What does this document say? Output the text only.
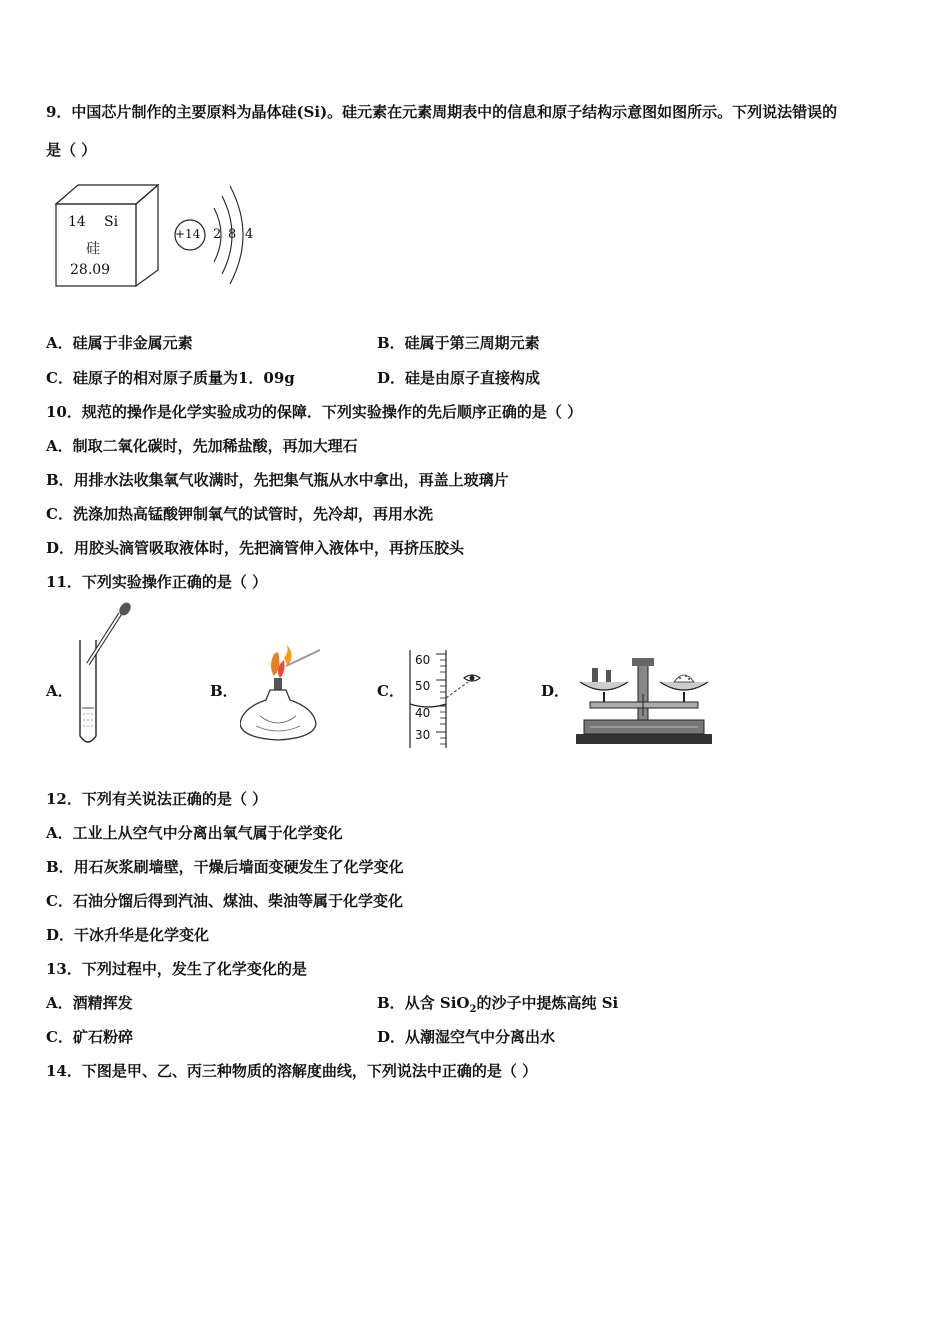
9．中国芯片制作的主要原料为晶体硅(Si)。硅元素在元素周期表中的信息和原子结构示意图如图所示。下列说法错误的
是（ ）
14 Si
硅
28.09
+14 2 8 4
A．硅属于非金属元素	B．硅属于第三周期元素
C．硅原子的相对原子质量为1．09g	D．硅是由原子直接构成
10．规范的操作是化学实验成功的保障．下列实验操作的先后顺序正确的是（ ）
A．制取二氧化碳时，先加稀盐酸，再加大理石
B．用排水法收集氧气收满时，先把集气瓶从水中拿出，再盖上玻璃片
C．洗涤加热高锰酸钾制氧气的试管时，先冷却，再用水洗
D．用胶头滴管吸取液体时，先把滴管伸入液体中，再挤压胶头
11．下列实验操作正确的是（ ）
A．	B．	C．
60
50
40
30
D．
12．下列有关说法正确的是（ ）
A．工业上从空气中分离出氧气属于化学变化
B．用石灰浆刷墙壁，干燥后墙面变硬发生了化学变化
C．石油分馏后得到汽油、煤油、柴油等属于化学变化
D．干冰升华是化学变化
13．下列过程中，发生了化学变化的是
A．酒精挥发	B．从含 SiO$_2$的沙子中提炼高纯 Si
C．矿石粉碎	D．从潮湿空气中分离出水
14．下图是甲、乙、丙三种物质的溶解度曲线，下列说法中正确的是（ ）
